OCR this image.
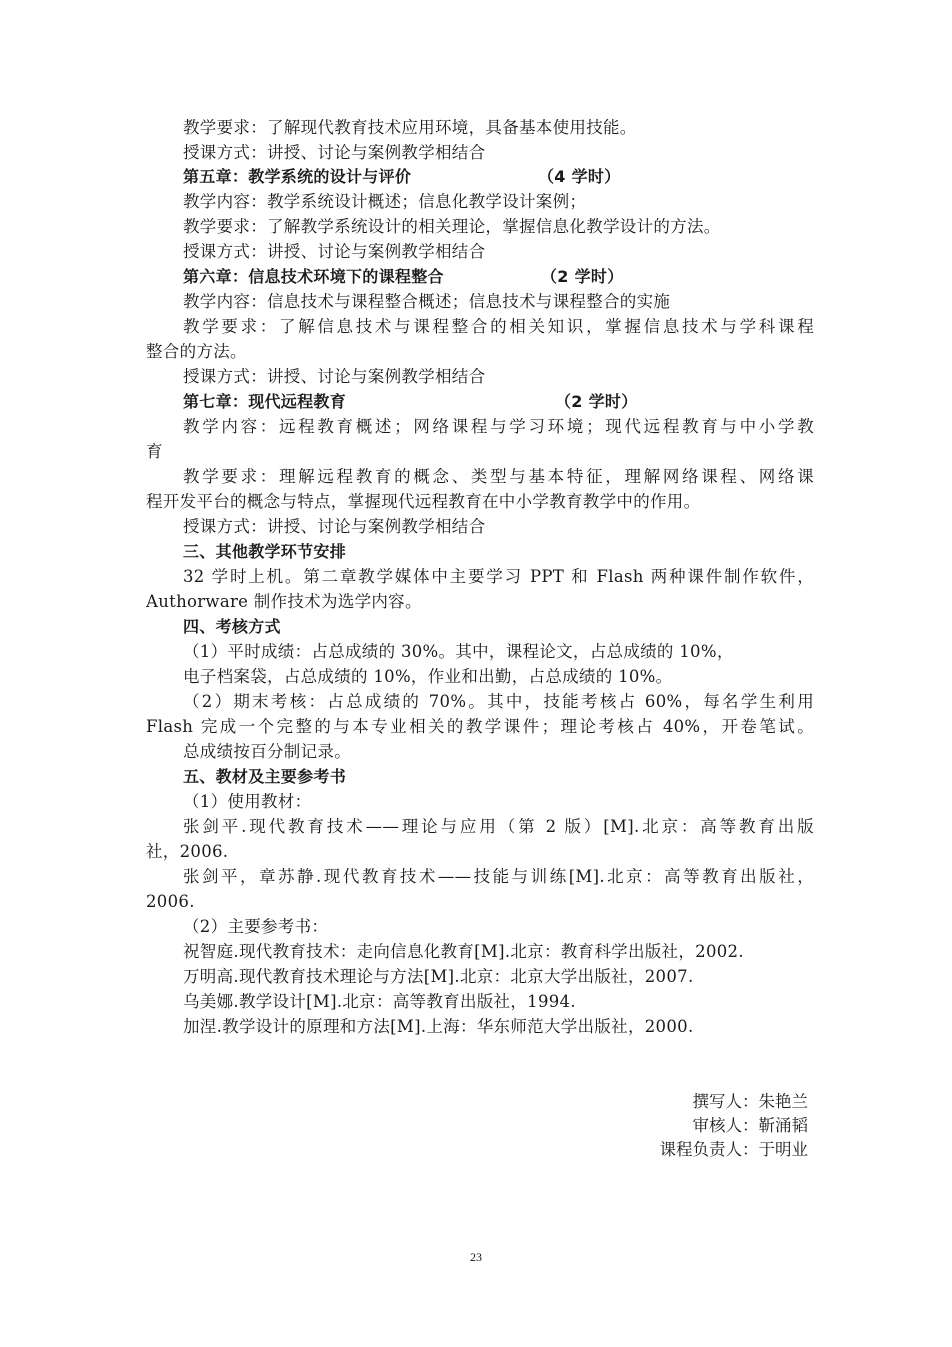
教学要求：了解现代教育技术应用环境，具备基本使用技能。
授课方式：讲授、讨论与案例教学相结合
第五章：教学系统的设计与评价	（4 学时）
教学内容：教学系统设计概述；信息化教学设计案例；
教学要求：了解教学系统设计的相关理论，掌握信息化教学设计的方法。
授课方式：讲授、讨论与案例教学相结合
第六章：信息技术环境下的课程整合	（2 学时）
教学内容：信息技术与课程整合概述；信息技术与课程整合的实施
教学要求：了解信息技术与课程整合的相关知识，掌握信息技术与学科课程
整合的方法。
授课方式：讲授、讨论与案例教学相结合
第七章：现代远程教育	（2 学时）
教学内容：远程教育概述；网络课程与学习环境；现代远程教育与中小学教
育
教学要求：理解远程教育的概念、类型与基本特征，理解网络课程、网络课
程开发平台的概念与特点，掌握现代远程教育在中小学教育教学中的作用。
授课方式：讲授、讨论与案例教学相结合
三、其他教学环节安排
32 学时上机。第二章教学媒体中主要学习 PPT 和 Flash 两种课件制作软件，
Authorware 制作技术为选学内容。
四、考核方式
（1）平时成绩：占总成绩的 30%。其中，课程论文，占总成绩的 10%，
电子档案袋，占总成绩的 10%，作业和出勤，占总成绩的 10%。
（2）期末考核：占总成绩的 70%。其中，技能考核占 60%，每名学生利用
Flash 完成一个完整的与本专业相关的教学课件；理论考核占 40%，开卷笔试。
总成绩按百分制记录。
五、教材及主要参考书
（1）使用教材：
张剑平.现代教育技术——理论与应用（第 2 版）[M].北京：高等教育出版
社，2006.
张剑平，章苏静.现代教育技术——技能与训练[M].北京：高等教育出版社，
2006.
（2）主要参考书：
祝智庭.现代教育技术：走向信息化教育[M].北京：教育科学出版社，2002.
万明高.现代教育技术理论与方法[M].北京：北京大学出版社，2007.
乌美娜.教学设计[M].北京：高等教育出版社，1994.
加涅.教学设计的原理和方法[M].上海：华东师范大学出版社，2000.
撰写人：朱艳兰
审核人：靳涌韬
课程负责人：于明业
23
